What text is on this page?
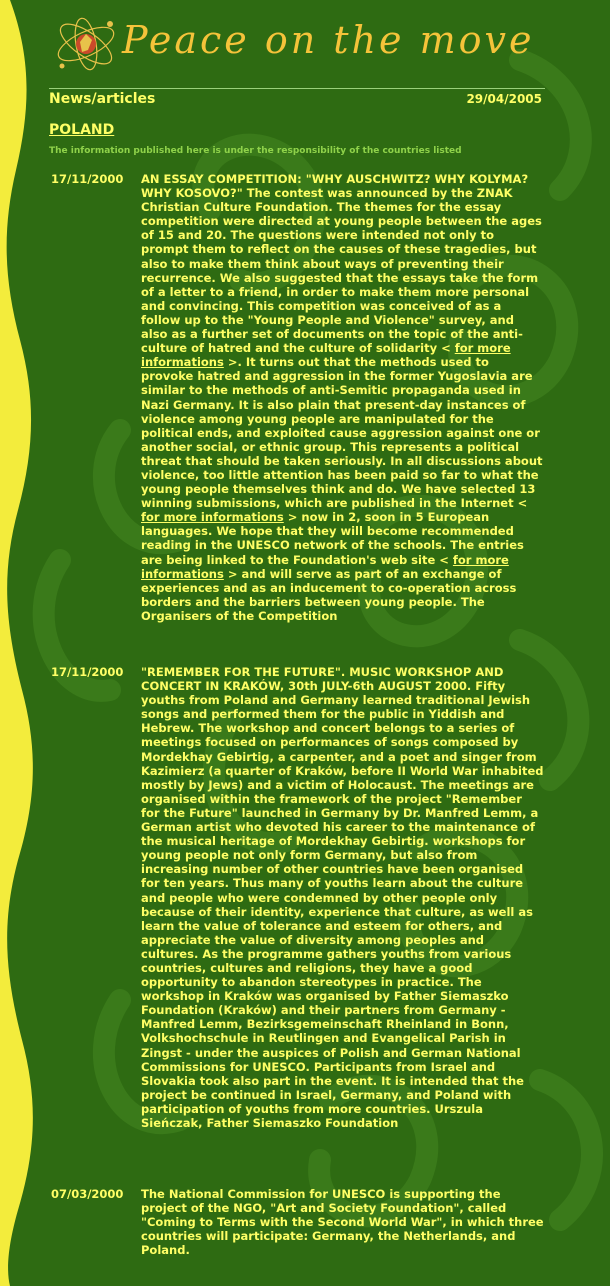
Peace on the move
News/articles	29/04/2005
POLAND
The information published here is under the responsibility of the countries listed
17/11/2000 AN ESSAY COMPETITION: "WHY AUSCHWITZ? WHY KOLYMA? WHY KOSOVO?" The contest was announced by the ZNAK Christian Culture Foundation. The themes for the essay competition were directed at young people between the ages of 15 and 20. The questions were intended not only to prompt them to reflect on the causes of these tragedies, but also to make them think about ways of preventing their recurrence. We also suggested that the essays take the form of a letter to a friend, in order to make them more personal and convincing. This competition was conceived of as a follow up to the "Young People and Violence" survey, and also as a further set of documents on the topic of the anti-culture of hatred and the culture of solidarity < for more informations >. It turns out that the methods used to provoke hatred and aggression in the former Yugoslavia are similar to the methods of anti-Semitic propaganda used in Nazi Germany. It is also plain that present-day instances of violence among young people are manipulated for the political ends, and exploited cause aggression against one or another social, or ethnic group. This represents a political threat that should be taken seriously. In all discussions about violence, too little attention has been paid so far to what the young people themselves think and do. We have selected 13 winning submissions, which are published in the Internet < for more informations > now in 2, soon in 5 European languages. We hope that they will become recommended reading in the UNESCO network of the schools. The entries are being linked to the Foundation's web site < for more informations > and will serve as part of an exchange of experiences and as an inducement to co-operation across borders and the barriers between young people. The Organisers of the Competition
17/11/2000 "REMEMBER FOR THE FUTURE". MUSIC WORKSHOP AND CONCERT IN KRAKÓW, 30th JULY-6th AUGUST 2000. Fifty youths from Poland and Germany learned traditional Jewish songs and performed them for the public in Yiddish and Hebrew. The workshop and concert belongs to a series of meetings focused on performances of songs composed by Mordekhay Gebirtig, a carpenter, and a poet and singer from Kazimierz (a quarter of Kraków, before II World War inhabited mostly by Jews) and a victim of Holocaust. The meetings are organised within the framework of the project "Remember for the Future" launched in Germany by Dr. Manfred Lemm, a German artist who devoted his career to the maintenance of the musical heritage of Mordekhay Gebirtig. workshops for young people not only form Germany, but also from increasing number of other countries have been organised for ten years. Thus many of youths learn about the culture and people who were condemned by other people only because of their identity, experience that culture, as well as learn the value of tolerance and esteem for others, and appreciate the value of diversity among peoples and cultures. As the programme gathers youths from various countries, cultures and religions, they have a good opportunity to abandon stereotypes in practice. The workshop in Kraków was organised by Father Siemaszko Foundation (Kraków) and their partners from Germany - Manfred Lemm, Bezirksgemeinschaft Rheinland in Bonn, Volkshochschule in Reutlingen and Evangelical Parish in Zingst - under the auspices of Polish and German National Commissions for UNESCO. Participants from Israel and Slovakia took also part in the event. It is intended that the project be continued in Israel, Germany, and Poland with participation of youths from more countries. Urszula Sieńczak, Father Siemaszko Foundation
07/03/2000 The National Commission for UNESCO is supporting the project of the NGO, "Art and Society Foundation", called "Coming to Terms with the Second World War", in which three countries will participate: Germany, the Netherlands, and Poland.
